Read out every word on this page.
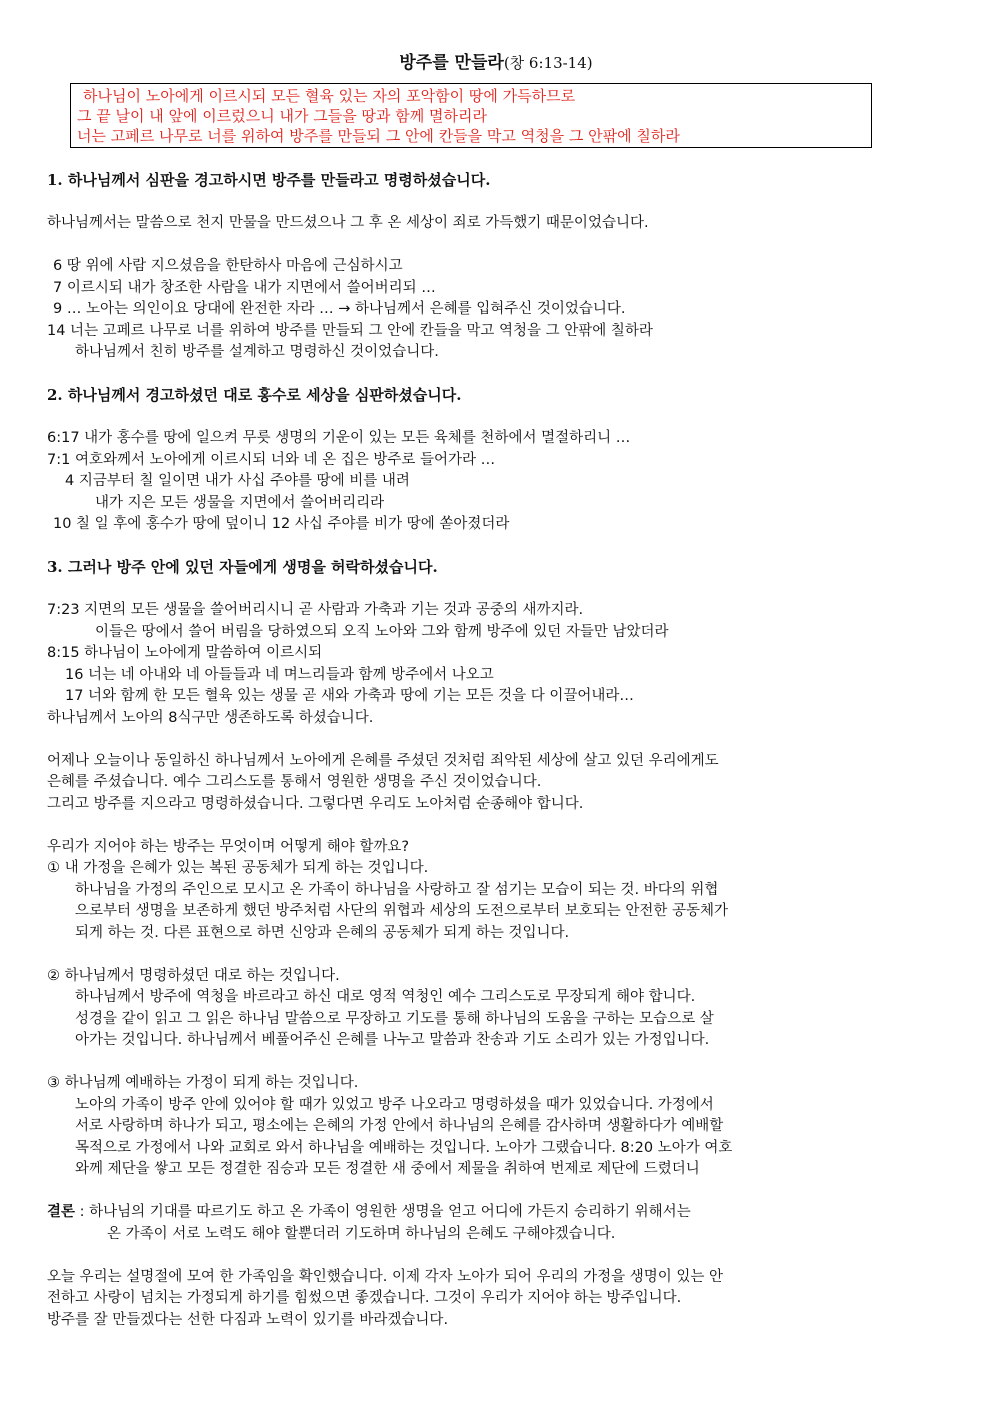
방주를 만들라(창 6:13-14)
하나님이 노아에게 이르시되 모든 혈육 있는 자의 포악함이 땅에 가득하므로
그 끝 날이 내 앞에 이르렀으니 내가 그들을 땅과 함께 멸하리라
너는 고페르 나무로 너를 위하여 방주를 만들되 그 안에 칸들을 막고 역청을 그 안팎에 칠하라
1. 하나님께서 심판을 경고하시면 방주를 만들라고 명령하셨습니다.
하나님께서는 말씀으로 천지 만물을 만드셨으나 그 후 온 세상이 죄로 가득했기 때문이었습니다.
6 땅 위에 사람 지으셨음을 한탄하사 마음에 근심하시고
7 이르시되 내가 창조한 사람을 내가 지면에서 쓸어버리되 …
9 … 노아는 의인이요 당대에 완전한 자라 … → 하나님께서 은혜를 입혀주신 것이었습니다.
14 너는 고페르 나무로 너를 위하여 방주를 만들되 그 안에 칸들을 막고 역청을 그 안팎에 칠하라
하나님께서 친히 방주를 설계하고 명령하신 것이었습니다.
2. 하나님께서 경고하셨던 대로 홍수로 세상을 심판하셨습니다.
6:17 내가 홍수를 땅에 일으켜 무릇 생명의 기운이 있는 모든 육체를 천하에서 멸절하리니 …
7:1 여호와께서 노아에게 이르시되 너와 네 온 집은 방주로 들어가라 …
4 지금부터 칠 일이면 내가 사십 주야를 땅에 비를 내려
내가 지은 모든 생물을 지면에서 쓸어버리리라
10 칠 일 후에 홍수가 땅에 덮이니 12 사십 주야를 비가 땅에 쏟아졌더라
3. 그러나 방주 안에 있던 자들에게 생명을 허락하셨습니다.
7:23 지면의 모든 생물을 쓸어버리시니 곧 사람과 가축과 기는 것과 공중의 새까지라.
이들은 땅에서 쓸어 버림을 당하였으되 오직 노아와 그와 함께 방주에 있던 자들만 남았더라
8:15 하나님이 노아에게 말씀하여 이르시되
16 너는 네 아내와 네 아들들과 네 며느리들과 함께 방주에서 나오고
17 너와 함께 한 모든 혈육 있는 생물 곧 새와 가축과 땅에 기는 모든 것을 다 이끌어내라…
하나님께서 노아의 8식구만 생존하도록 하셨습니다.
어제나 오늘이나 동일하신 하나님께서 노아에게 은혜를 주셨던 것처럼 죄악된 세상에 살고 있던 우리에게도
은혜를 주셨습니다. 예수 그리스도를 통해서 영원한 생명을 주신 것이었습니다.
그리고 방주를 지으라고 명령하셨습니다. 그렇다면 우리도 노아처럼 순종해야 합니다.
우리가 지어야 하는 방주는 무엇이며 어떻게 해야 할까요?
① 내 가정을 은혜가 있는 복된 공동체가 되게 하는 것입니다.
하나님을 가정의 주인으로 모시고 온 가족이 하나님을 사랑하고 잘 섬기는 모습이 되는 것. 바다의 위협
으로부터 생명을 보존하게 했던 방주처럼 사단의 위협과 세상의 도전으로부터 보호되는 안전한 공동체가
되게 하는 것. 다른 표현으로 하면 신앙과 은혜의 공동체가 되게 하는 것입니다.
② 하나님께서 명령하셨던 대로 하는 것입니다.
하나님께서 방주에 역청을 바르라고 하신 대로 영적 역청인 예수 그리스도로 무장되게 해야 합니다.
성경을 같이 읽고 그 읽은 하나님 말씀으로 무장하고 기도를 통해 하나님의 도움을 구하는 모습으로 살
아가는 것입니다. 하나님께서 베풀어주신 은혜를 나누고 말씀과 찬송과 기도 소리가 있는 가정입니다.
③ 하나님께 예배하는 가정이 되게 하는 것입니다.
노아의 가족이 방주 안에 있어야 할 때가 있었고 방주 나오라고 명령하셨을 때가 있었습니다. 가정에서
서로 사랑하며 하나가 되고, 평소에는 은혜의 가정 안에서 하나님의 은혜를 감사하며 생활하다가 예배할
목적으로 가정에서 나와 교회로 와서 하나님을 예배하는 것입니다. 노아가 그랬습니다. 8:20 노아가 여호
와께 제단을 쌓고 모든 정결한 짐승과 모든 정결한 새 중에서 제물을 취하여 번제로 제단에 드렸더니
결론 : 하나님의 기대를 따르기도 하고 온 가족이 영원한 생명을 얻고 어디에 가든지 승리하기 위해서는
온 가족이 서로 노력도 해야 할뿐더러 기도하며 하나님의 은혜도 구해야겠습니다.
오늘 우리는 설명절에 모여 한 가족임을 확인했습니다. 이제 각자 노아가 되어 우리의 가정을 생명이 있는 안
전하고 사랑이 넘치는 가정되게 하기를 힘썼으면 좋겠습니다. 그것이 우리가 지어야 하는 방주입니다.
방주를 잘 만들겠다는 선한 다짐과 노력이 있기를 바라겠습니다.
